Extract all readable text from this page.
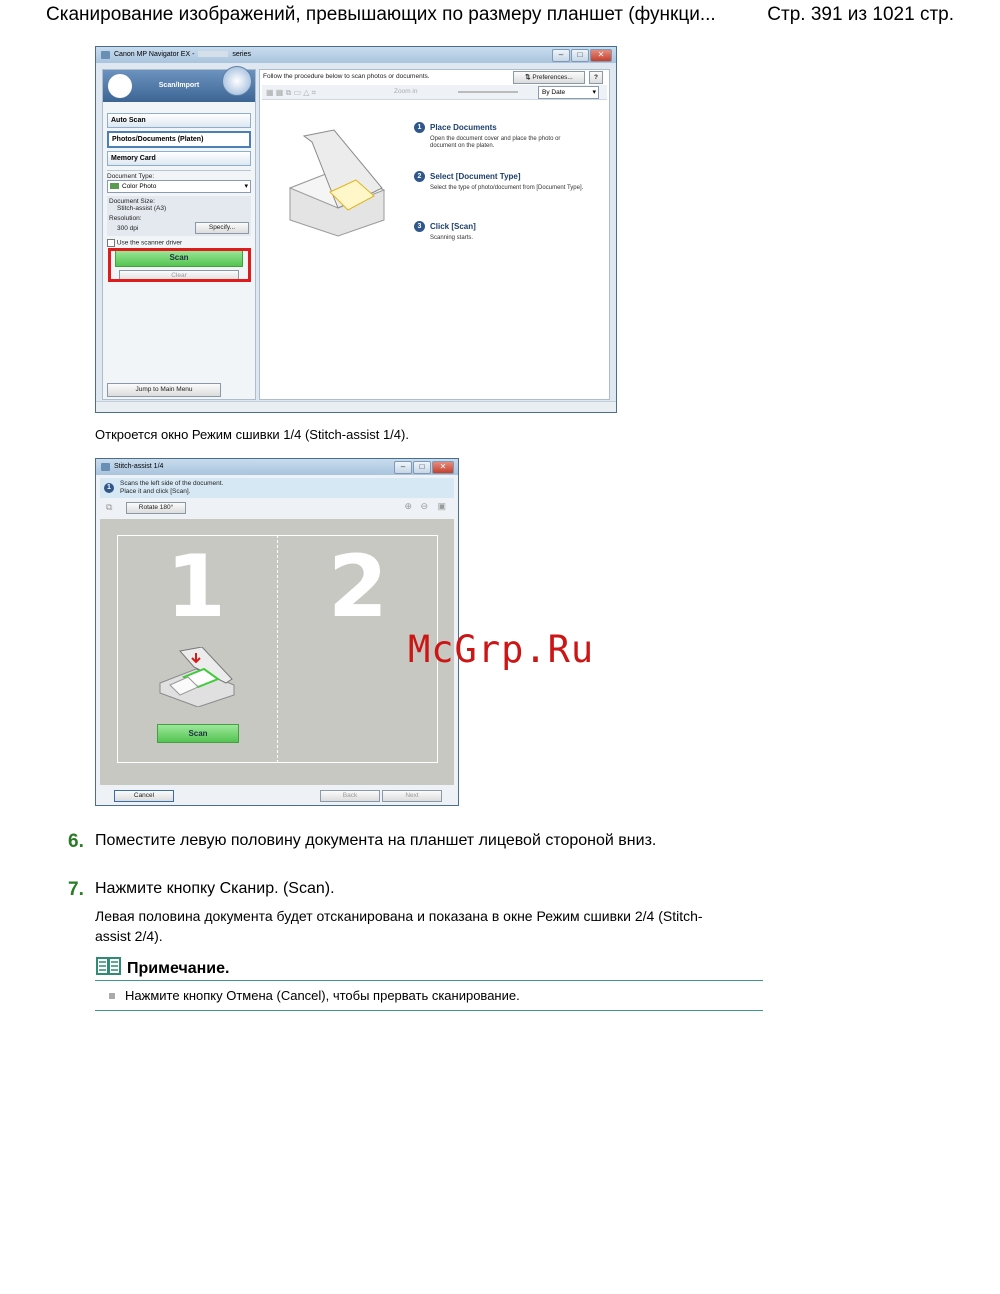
Сканирование изображений, превышающих по размеру планшет (функци...	Стр. 391 из 1021 стр.
Canon MP Navigator EX -	series	–	□	✕
Scan/Import
Auto Scan
Photos/Documents (Platen)
Memory Card
Document Type:
Color Photo	▾
Document Size:
Stitch-assist (A3)
Resolution:
300 dpi	Specify...
Use the scanner driver
Scan
Clear
Jump to Main Menu
Follow the procedure below to scan photos or documents.	⇅ Preferences...	?
▦ ▦ ⧉ ▭ △ ⌗	Zoom in	By Date	▾
1	Place Documents
Open the document cover and place the photo or document on the platen.
2	Select [Document Type]
Select the type of photo/document from [Document Type].
3	Click [Scan]
Scanning starts.
Откроется окно Режим сшивки 1/4 (Stitch-assist 1/4).
Stitch-assist 1/4	–	□	✕
1
Scans the left side of the document.
Place it and click [Scan].
⧉	Rotate 180°	⊕ ⊖ ▣
1 2
Scan
Cancel	Back	Next
McGrp.Ru
6. Поместите левую половину документа на планшет лицевой стороной вниз.
7. Нажмите кнопку Сканир. (Scan).
Левая половина документа будет отсканирована и показана в окне Режим сшивки 2/4 (Stitch-
assist 2/4).
Примечание.
Нажмите кнопку Отмена (Cancel), чтобы прервать сканирование.
